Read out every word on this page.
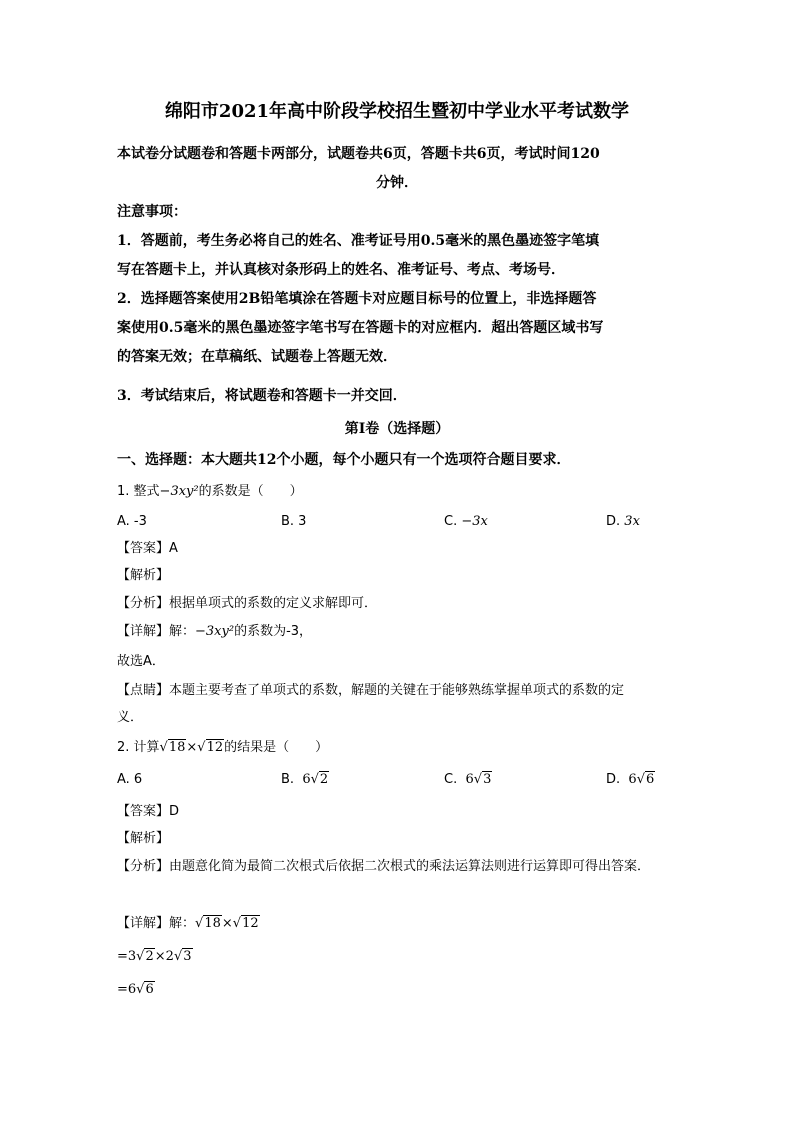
绵阳市2021年高中阶段学校招生暨初中学业水平考试数学
本试卷分试题卷和答题卡两部分，试题卷共6页，答题卡共6页，考试时间120
分钟．
注意事项：
1．答题前，考生务必将自己的姓名、准考证号用0.5毫米的黑色墨迹签字笔填
写在答题卡上，并认真核对条形码上的姓名、准考证号、考点、考场号．
2．选择题答案使用2B铅笔填涂在答题卡对应题目标号的位置上，非选择题答
案使用0.5毫米的黑色墨迹签字笔书写在答题卡的对应框内．超出答题区域书写
的答案无效；在草稿纸、试题卷上答题无效．
3．考试结束后，将试题卷和答题卡一并交回．
第Ⅰ卷（选择题）
一、选择题：本大题共12个小题，每个小题只有一个选项符合题目要求．
1. 整式−3xy²的系数是（　　）
A. -3	B. 3	C. −3x	D. 3x
【答案】A
【解析】
【分析】根据单项式的系数的定义求解即可．
【详解】解：−3xy²的系数为-3，
故选A．
【点睛】本题主要考查了单项式的系数，解题的关键在于能够熟练掌握单项式的系数的定
义．
2. 计算√18×√12的结果是（　　）
A. 6	B. 6√2	C. 6√3	D. 6√6
【答案】D
【解析】
【分析】由题意化简为最简二次根式后依据二次根式的乘法运算法则进行运算即可得出答案．
【详解】解：√18×√12
=3√2×2√3
=6√6
